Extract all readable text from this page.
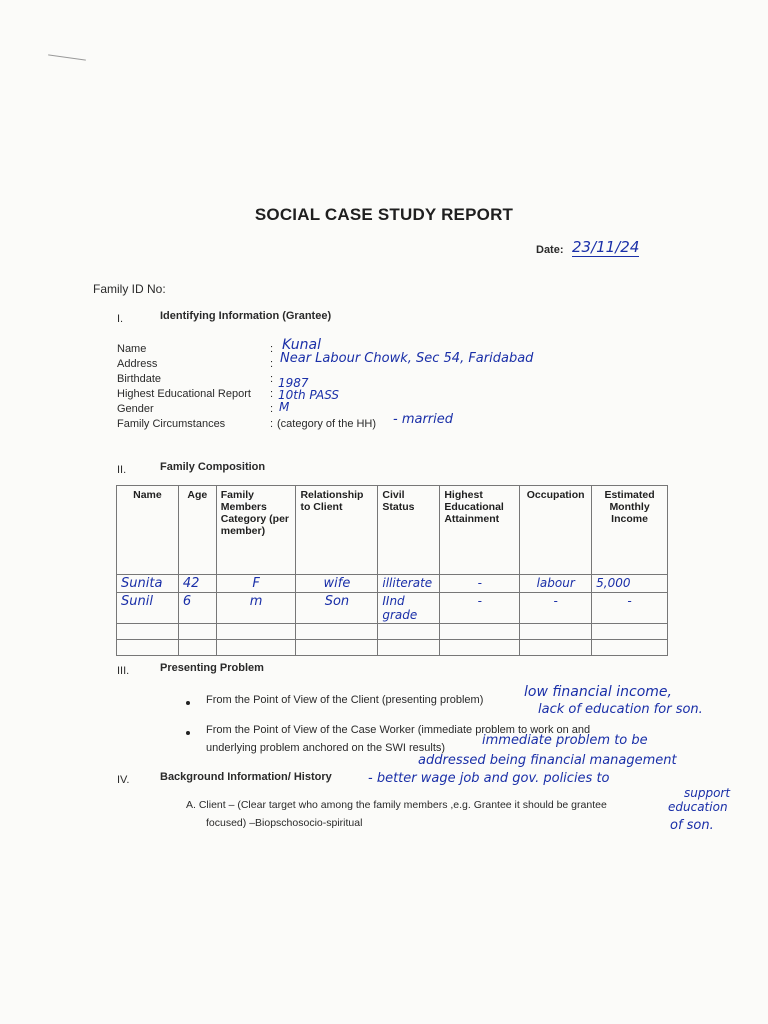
SOCIAL CASE STUDY REPORT
Date: 23/11/24
Family ID No:
I.	Identifying Information (Grantee)
Name	: Kunal
Address	: Near Labour Chowk, Sec 54, Faridabad
Birthdate	: 1987
Highest Educational Report : 10th PASS
Gender	: M
Family Circumstances	: (category of the HH) - married
II.	Family Composition
Name	Age	Family Members Category (per member)	Relationship to Client	Civil Status	Highest Educational Attainment	Occupation	Estimated Monthly Income
Sunita	42	F	wife	illiterate	-	labour	5,000
Sunil	6	m	Son	IInd grade	-	-	-

III.	Presenting Problem
From the Point of View of the Client (presenting problem)	low financial income,
lack of education for son.
From the Point of View of the Case Worker (immediate problem to work on and
underlying problem anchored on the SWI results)	immediate problem to be
addressed being financial management
- better wage job and gov. policies to
support
education
of son.
IV.	Background Information/ History
A. Client – (Clear target who among the family members ,e.g. Grantee it should be grantee
focused) –Biopschosocio-spiritual
